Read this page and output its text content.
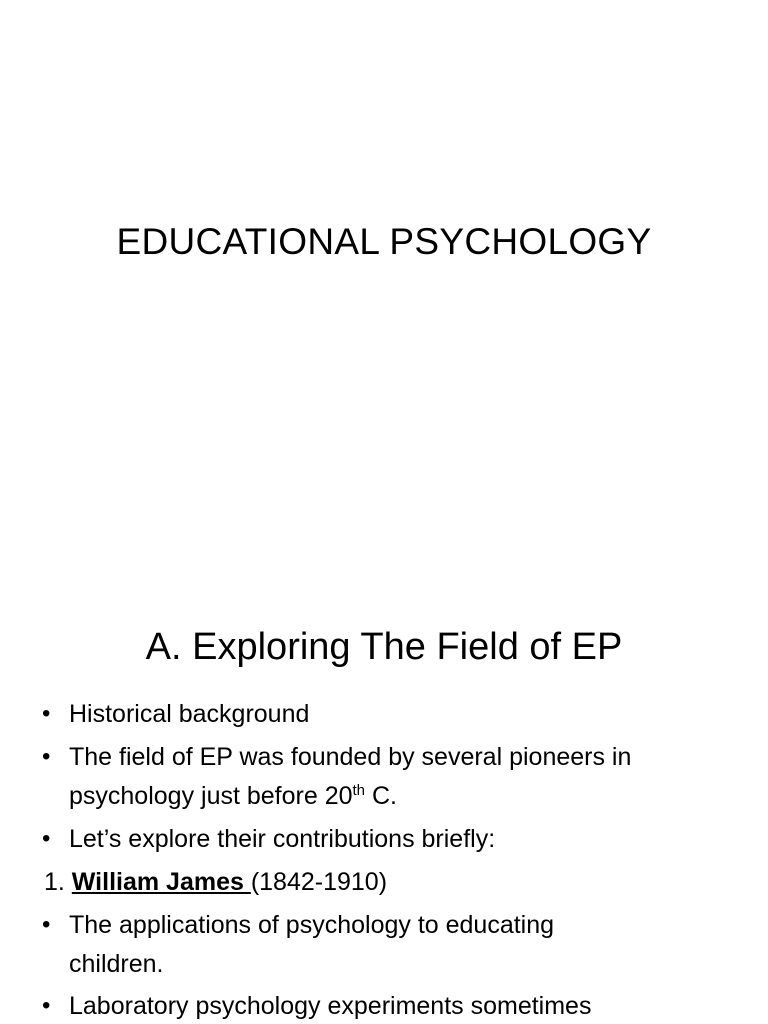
EDUCATIONAL PSYCHOLOGY
A. Exploring The Field of EP
• Historical background
• The field of EP was founded by several pioneers in
psychology just before 20th C.
• Let’s explore their contributions briefly:
1. William James (1842-1910)
• The applications of psychology to educating
children.
• Laboratory psychology experiments sometimes
